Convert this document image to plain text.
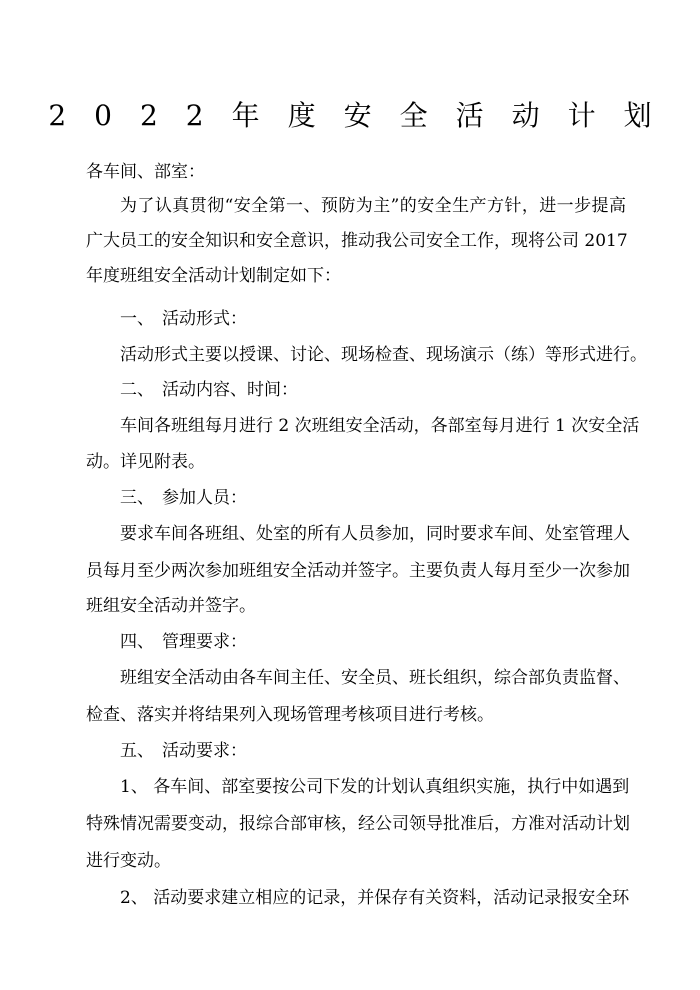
2022年度安全活动计划
各车间、部室：
为了认真贯彻“安全第一、预防为主”的安全生产方针，进一步提高
广大员工的安全知识和安全意识，推动我公司安全工作，现将公司 2017
年度班组安全活动计划制定如下：
一、 活动形式：
活动形式主要以授课、讨论、现场检查、现场演示（练）等形式进行。
二、 活动内容、时间：
车间各班组每月进行 2 次班组安全活动，各部室每月进行 1 次安全活
动。详见附表。
三、 参加人员：
要求车间各班组、处室的所有人员参加，同时要求车间、处室管理人
员每月至少两次参加班组安全活动并签字。主要负责人每月至少一次参加
班组安全活动并签字。
四、 管理要求：
班组安全活动由各车间主任、安全员、班长组织，综合部负责监督、
检查、落实并将结果列入现场管理考核项目进行考核。
五、 活动要求：
1、 各车间、部室要按公司下发的计划认真组织实施，执行中如遇到
特殊情况需要变动，报综合部审核，经公司领导批准后，方准对活动计划
进行变动。
2、 活动要求建立相应的记录，并保存有关资料，活动记录报安全环
